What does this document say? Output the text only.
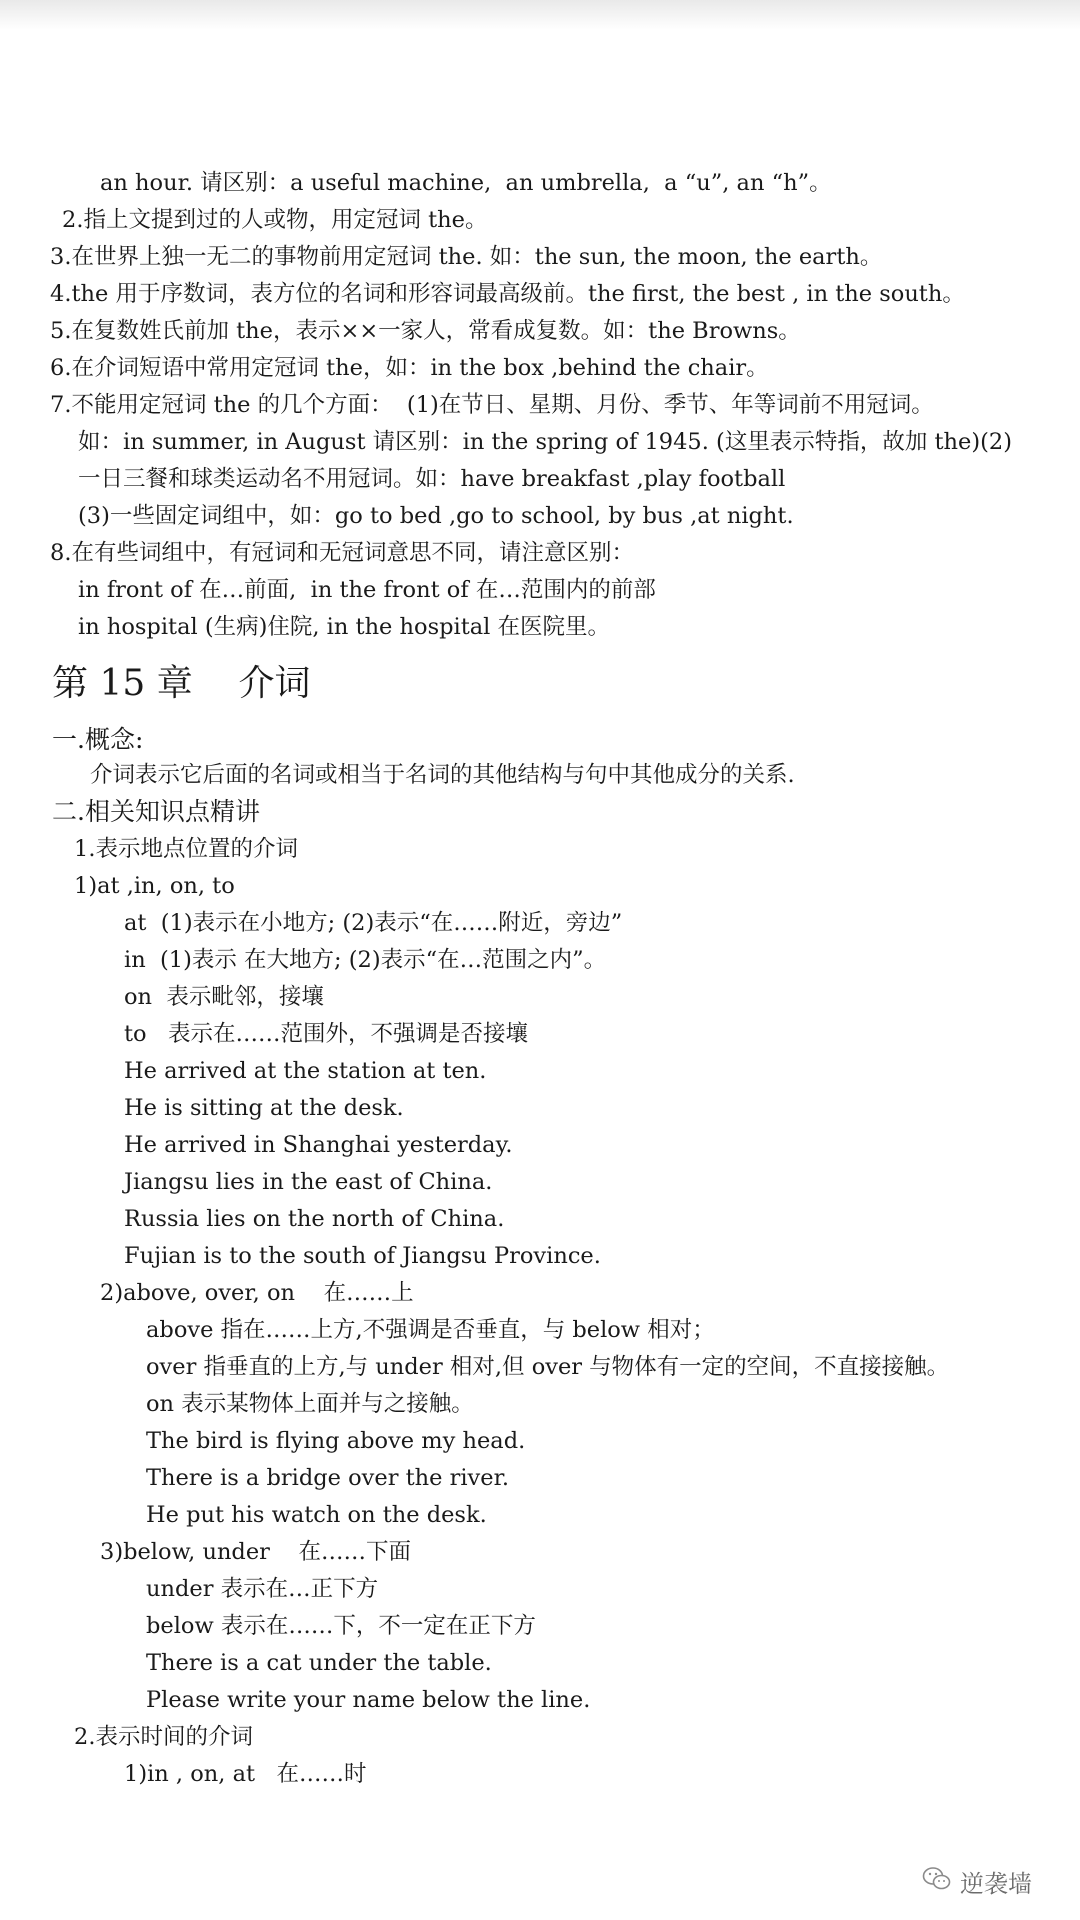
an hour. 请区别：a useful machine,  an umbrella,  a “u”, an “h”。
2.指上文提到过的人或物，用定冠词 the。
3.在世界上独一无二的事物前用定冠词 the. 如：the sun, the moon, the earth。
4.the 用于序数词，表方位的名词和形容词最高级前。the first, the best , in the south。
5.在复数姓氏前加 the，表示××一家人，常看成复数。如：the Browns。
6.在介词短语中常用定冠词 the，如：in the box ,behind the chair。
7.不能用定冠词 the 的几个方面：  (1)在节日、星期、月份、季节、年等词前不用冠词。
如：in summer, in August 请区别：in the spring of 1945. (这里表示特指，故加 the)(2)
一日三餐和球类运动名不用冠词。如：have breakfast ,play football
(3)一些固定词组中，如：go to bed ,go to school, by bus ,at night.
8.在有些词组中，有冠词和无冠词意思不同，请注意区别：
in front of 在…前面,  in the front of 在…范围内的前部
in hospital (生病)住院, in the hospital 在医院里。
第 15 章    介词
一.概念:
介词表示它后面的名词或相当于名词的其他结构与句中其他成分的关系.
二.相关知识点精讲
1.表示地点位置的介词
1)at ,in, on, to
at  (1)表示在小地方; (2)表示“在……附近，旁边”
in  (1)表示 在大地方; (2)表示“在…范围之内”。
on  表示毗邻，接壤
to   表示在……范围外，不强调是否接壤
He arrived at the station at ten.
He is sitting at the desk.
He arrived in Shanghai yesterday.
Jiangsu lies in the east of China.
Russia lies on the north of China.
Fujian is to the south of Jiangsu Province.
2)above, over, on    在……上
above 指在……上方,不强调是否垂直，与 below 相对；
over 指垂直的上方,与 under 相对,但 over 与物体有一定的空间，不直接接触。
on 表示某物体上面并与之接触。
The bird is flying above my head.
There is a bridge over the river.
He put his watch on the desk.
3)below, under    在……下面
under 表示在…正下方
below 表示在……下，不一定在正下方
There is a cat under the table.
Please write your name below the line.
2.表示时间的介词
1)in , on, at   在……时
逆袭墙
